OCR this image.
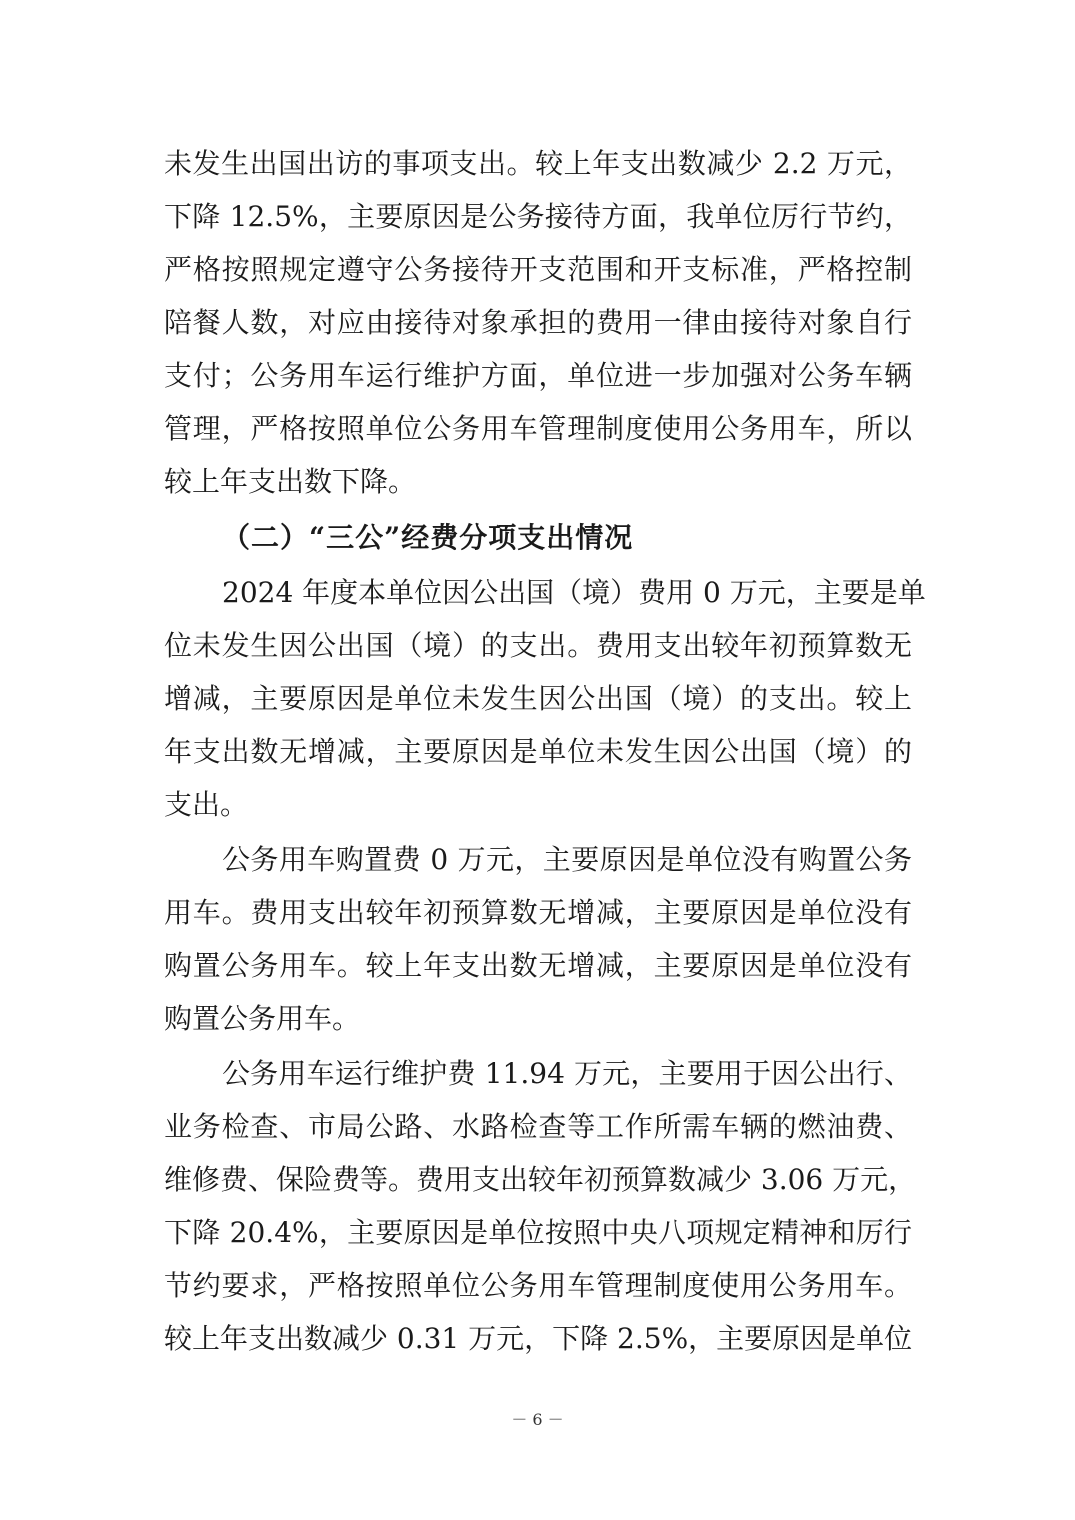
未发生出国出访的事项支出。较上年支出数减少 2.2 万元，
下降 12.5%，主要原因是公务接待方面，我单位厉行节约，
严格按照规定遵守公务接待开支范围和开支标准，严格控制
陪餐人数，对应由接待对象承担的费用一律由接待对象自行
支付；公务用车运行维护方面，单位进一步加强对公务车辆
管理，严格按照单位公务用车管理制度使用公务用车，所以
较上年支出数下降。
（二）“三公”经费分项支出情况
2024 年度本单位因公出国（境）费用 0 万元，主要是单
位未发生因公出国（境）的支出。费用支出较年初预算数无
增减，主要原因是单位未发生因公出国（境）的支出。较上
年支出数无增减，主要原因是单位未发生因公出国（境）的
支出。
公务用车购置费 0 万元，主要原因是单位没有购置公务
用车。费用支出较年初预算数无增减，主要原因是单位没有
购置公务用车。较上年支出数无增减，主要原因是单位没有
购置公务用车。
公务用车运行维护费 11.94 万元，主要用于因公出行、
业务检查、市局公路、水路检查等工作所需车辆的燃油费、
维修费、保险费等。费用支出较年初预算数减少 3.06 万元，
下降 20.4%，主要原因是单位按照中央八项规定精神和厉行
节约要求，严格按照单位公务用车管理制度使用公务用车。
较上年支出数减少 0.31 万元，下降 2.5%，主要原因是单位
－ 6 －
